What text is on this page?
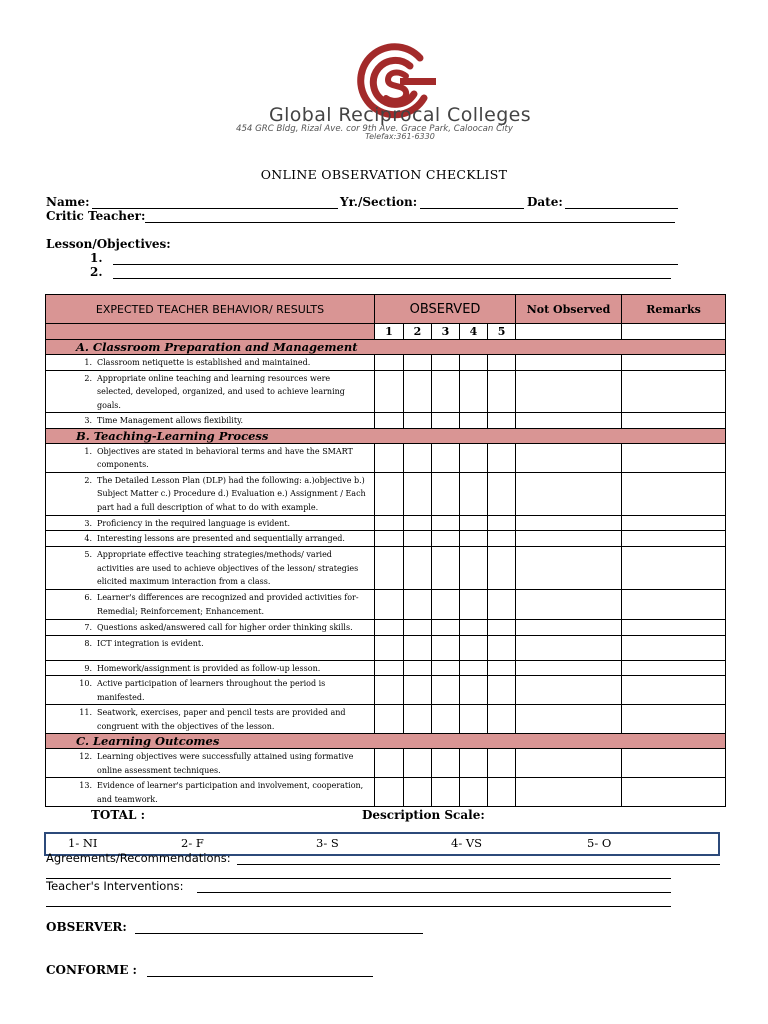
Global Reciprocal Colleges
454 GRC Bldg, Rizal Ave. cor 9th Ave. Grace Park, Caloocan City
Telefax:361-6330
ONLINE OBSERVATION CHECKLIST
Name:	Yr./Section:	Date:
Critic Teacher:
Lesson/Objectives:
1.
2.
EXPECTED TEACHER BEHAVIOR/ RESULTS	OBSERVED					Not Observed	Remarks
	1	2	3	4	5		
A. Classroom Preparation and Management							
1. Classroom netiquette is established and maintained.							
2. Appropriate online teaching and learning resources were selected, developed, organized, and used to achieve learning goals.							
3. Time Management allows flexibility.							
B. Teaching-Learning Process							
1. Objectives are stated in behavioral terms and have the SMART components.							
2. The Detailed Lesson Plan (DLP) had the following: a.)objective b.) Subject Matter c.) Procedure d.) Evaluation e.) Assignment / Each part had a full description of what to do with example.							
3. Proficiency in the required language is evident.							
4. Interesting lessons are presented and sequentially arranged.							
5. Appropriate effective teaching strategies/methods/ varied activities are used to achieve objectives of the lesson/ strategies elicited maximum interaction from a class.							
6. Learner's differences are recognized and provided activities for- Remedial; Reinforcement; Enhancement.							
7. Questions asked/answered call for higher order thinking skills.							
8. ICT integration is evident.							
9. Homework/assignment is provided as follow-up lesson.							
10. Active participation of learners throughout the period is manifested.							
11. Seatwork, exercises, paper and pencil tests are provided and congruent with the objectives of the lesson.							
C. Learning Outcomes							
12. Learning objectives were successfully attained using formative online assessment techniques.							
13. Evidence of learner's participation and involvement, cooperation, and teamwork.							
TOTAL :	Description Scale:
1- NI	2- F	3- S	4- VS	5- O
Agreements/Recommendations:
Teacher's Interventions:
OBSERVER:
CONFORME :
